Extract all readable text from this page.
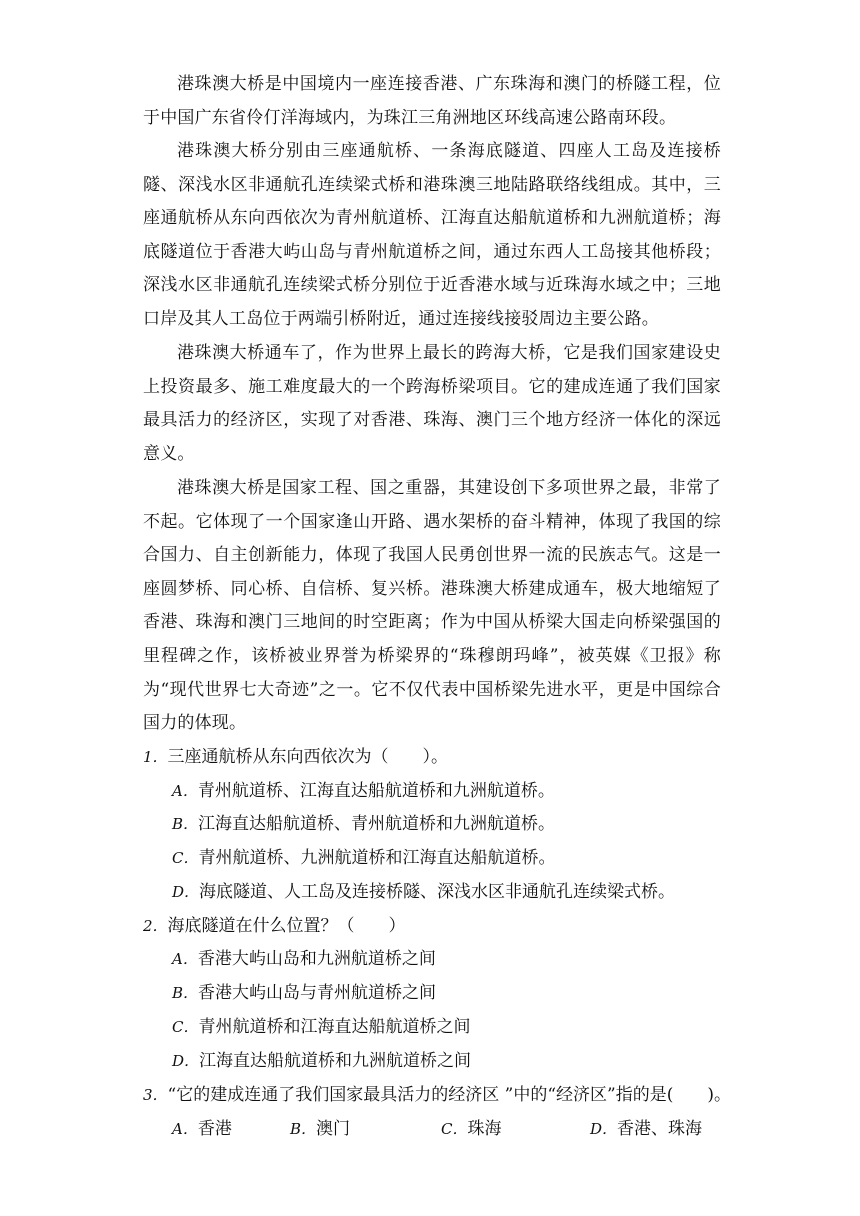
港珠澳大桥是中国境内一座连接香港、广东珠海和澳门的桥隧工程，位于中国广东省伶仃洋海域内，为珠江三角洲地区环线高速公路南环段。

港珠澳大桥分别由三座通航桥、一条海底隧道、四座人工岛及连接桥隧、深浅水区非通航孔连续梁式桥和港珠澳三地陆路联络线组成。其中，三座通航桥从东向西依次为青州航道桥、江海直达船航道桥和九洲航道桥；海底隧道位于香港大屿山岛与青州航道桥之间，通过东西人工岛接其他桥段；深浅水区非通航孔连续梁式桥分别位于近香港水域与近珠海水域之中；三地口岸及其人工岛位于两端引桥附近，通过连接线接驳周边主要公路。

港珠澳大桥通车了，作为世界上最长的跨海大桥，它是我们国家建设史上投资最多、施工难度最大的一个跨海桥梁项目。它的建成连通了我们国家最具活力的经济区，实现了对香港、珠海、澳门三个地方经济一体化的深远意义。

港珠澳大桥是国家工程、国之重器，其建设创下多项世界之最，非常了不起。它体现了一个国家逢山开路、遇水架桥的奋斗精神，体现了我国的综合国力、自主创新能力，体现了我国人民勇创世界一流的民族志气。这是一座圆梦桥、同心桥、自信桥、复兴桥。港珠澳大桥建成通车，极大地缩短了香港、珠海和澳门三地间的时空距离；作为中国从桥梁大国走向桥梁强国的里程碑之作，该桥被业界誉为桥梁界的“珠穆朗玛峰”，被英媒《卫报》称为“现代世界七大奇迹”之一。它不仅代表中国桥梁先进水平，更是中国综合国力的体现。

1．三座通航桥从东向西依次为（　　）。

A．青州航道桥、江海直达船航道桥和九洲航道桥。

B．江海直达船航道桥、青州航道桥和九洲航道桥。

C．青州航道桥、九洲航道桥和江海直达船航道桥。

D．海底隧道、人工岛及连接桥隧、深浅水区非通航孔连续梁式桥。

2．海底隧道在什么位置？（　　）

A．香港大屿山岛和九洲航道桥之间

B．香港大屿山岛与青州航道桥之间

C．青州航道桥和江海直达船航道桥之间

D．江海直达船航道桥和九洲航道桥之间

3．“它的建成连通了我们国家最具活力的经济区 ”中的“经济区”指的是(　　)。

A．香港	B．澳门	C．珠海	D．香港、珠海
